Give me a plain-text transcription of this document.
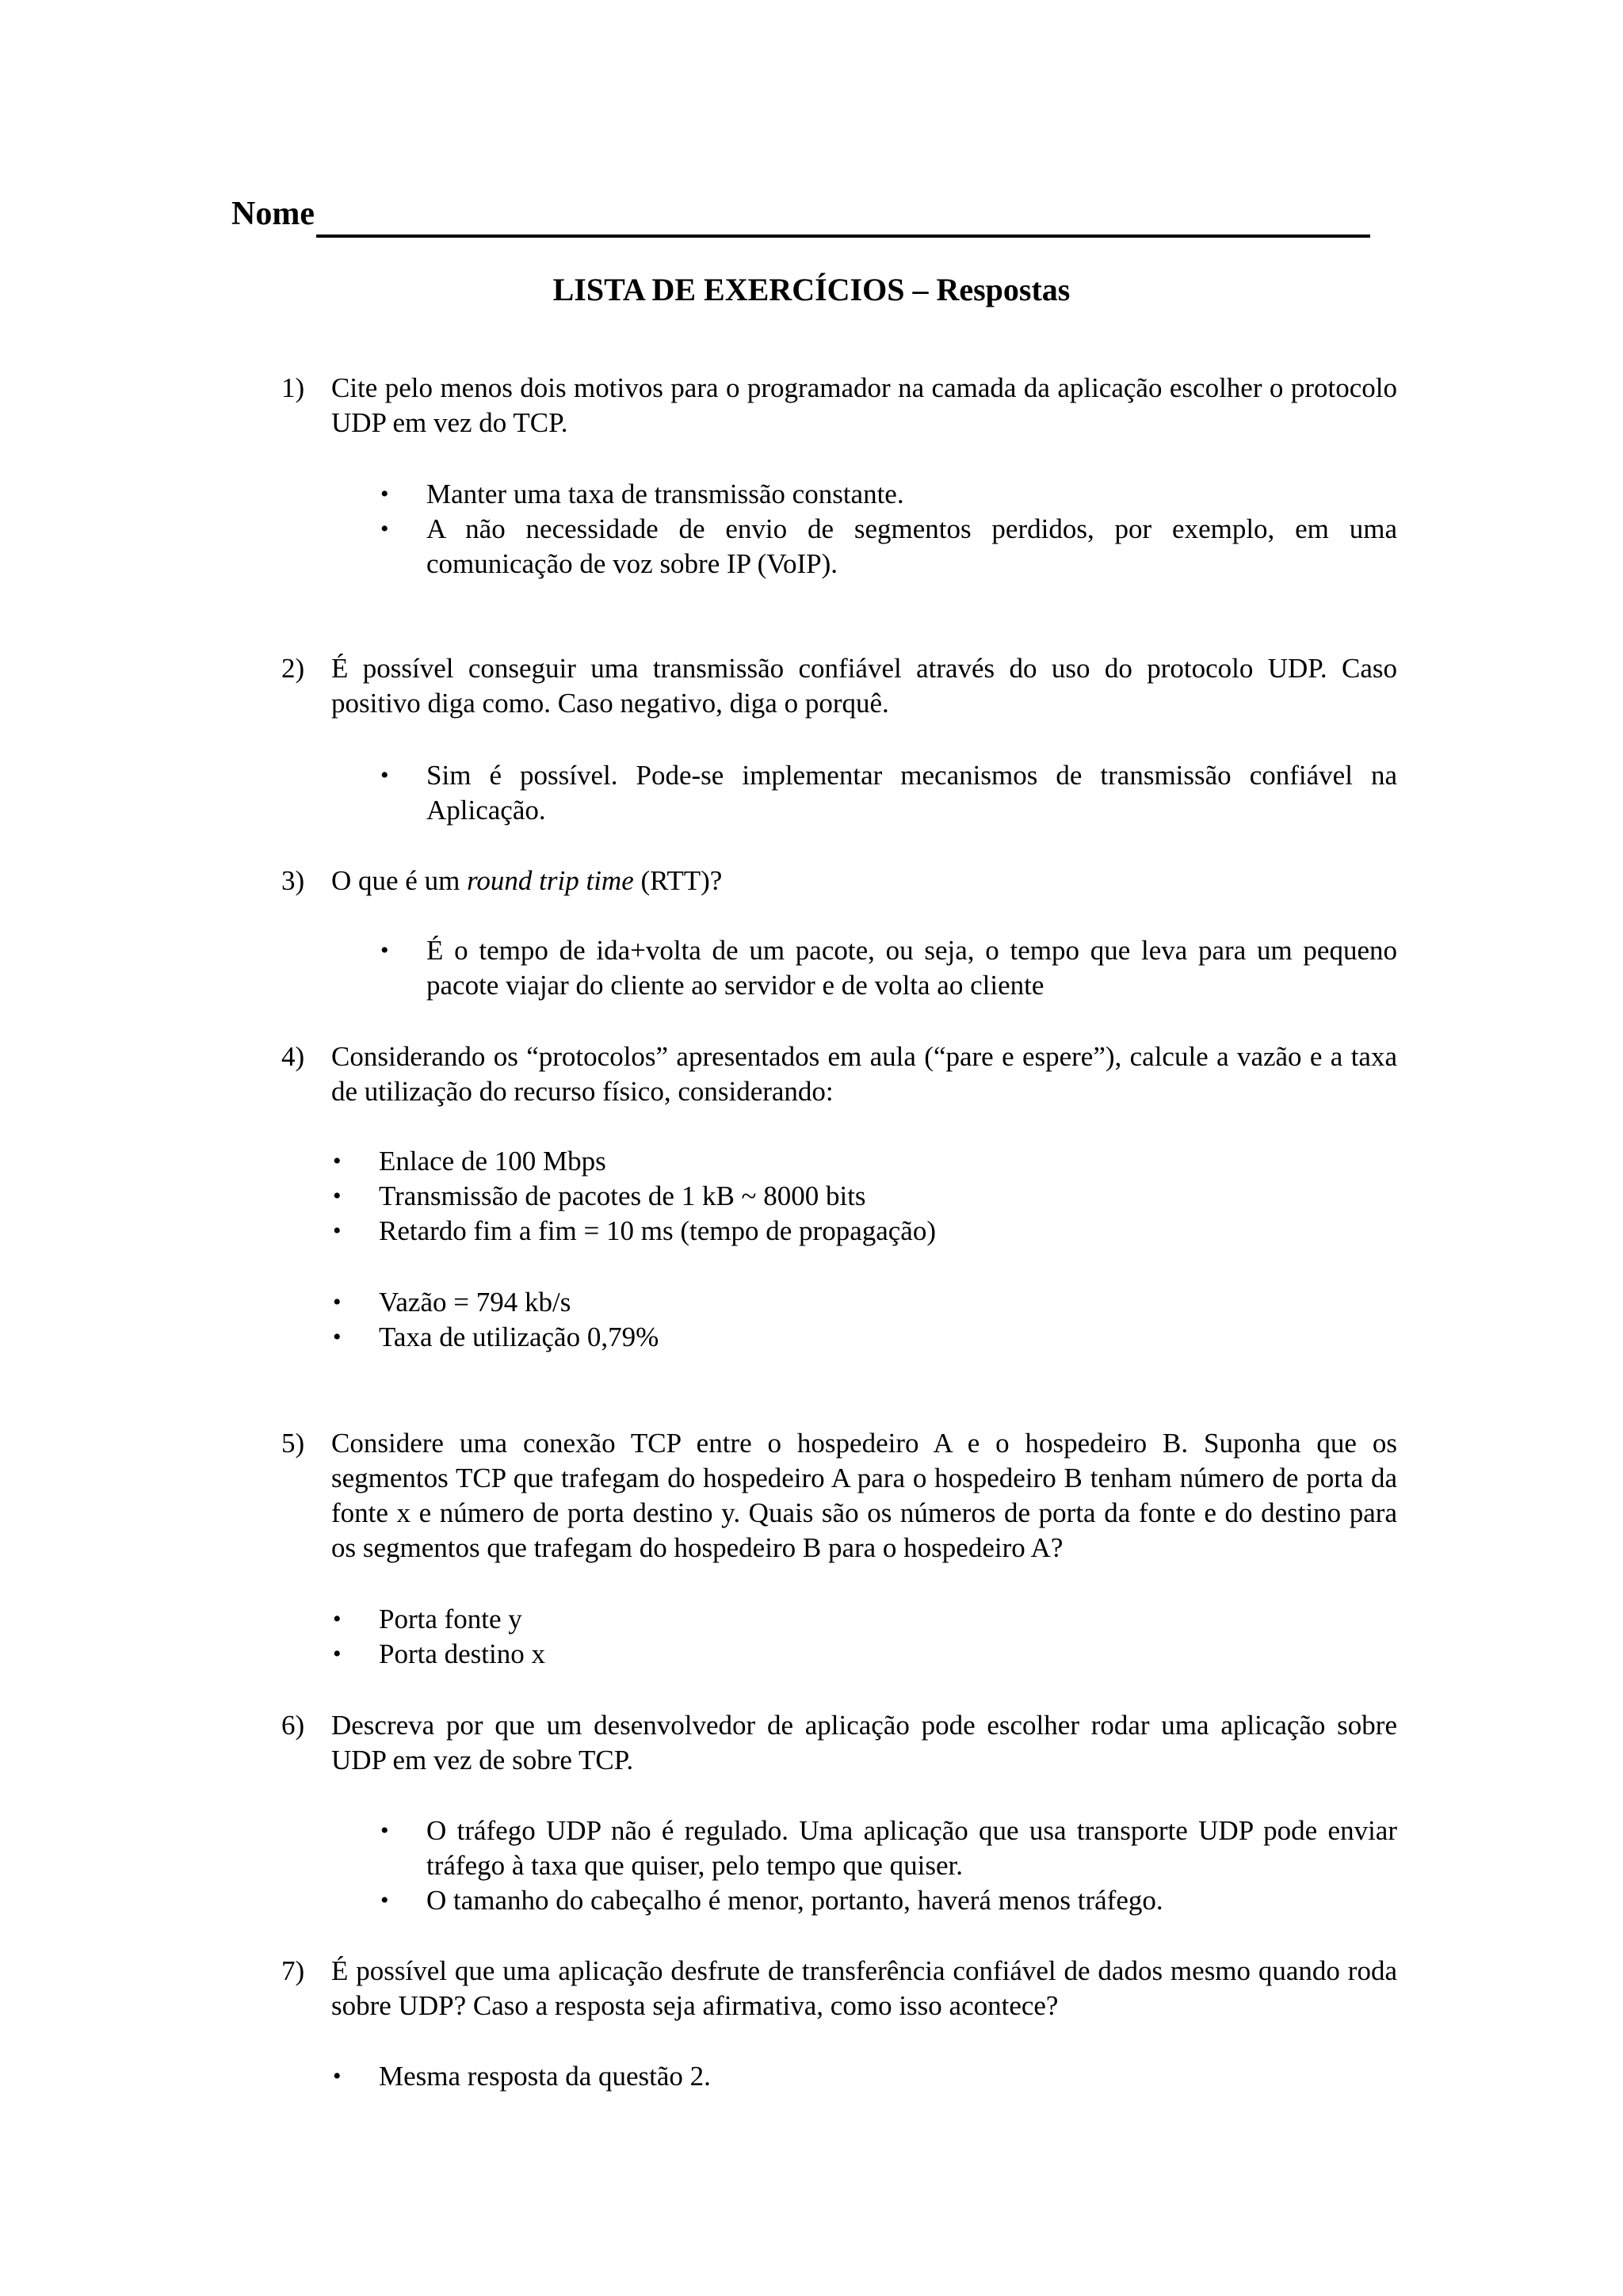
Nome
LISTA DE EXERCÍCIOS – Respostas
1) Cite pelo menos dois motivos para o programador na camada da aplicação escolher o protocolo UDP em vez do TCP.
• Manter uma taxa de transmissão constante.
• A não necessidade de envio de segmentos perdidos, por exemplo, em uma comunicação de voz sobre IP (VoIP).
2) É possível conseguir uma transmissão confiável através do uso do protocolo UDP. Caso positivo diga como. Caso negativo, diga o porquê.
• Sim é possível. Pode-se implementar mecanismos de transmissão confiável na Aplicação.
3) O que é um round trip time (RTT)?
• É o tempo de ida+volta de um pacote, ou seja, o tempo que leva para um pequeno pacote viajar do cliente ao servidor e de volta ao cliente
4) Considerando os “protocolos” apresentados em aula (“pare e espere”), calcule a vazão e a taxa de utilização do recurso físico, considerando:
• Enlace de 100 Mbps
• Transmissão de pacotes de 1 kB ~ 8000 bits
• Retardo fim a fim = 10 ms (tempo de propagação)
• Vazão = 794 kb/s
• Taxa de utilização 0,79%
5) Considere uma conexão TCP entre o hospedeiro A e o hospedeiro B. Suponha que os segmentos TCP que trafegam do hospedeiro A para o hospedeiro B tenham número de porta da fonte x e número de porta destino y. Quais são os números de porta da fonte e do destino para os segmentos que trafegam do hospedeiro B para o hospedeiro A?
• Porta fonte y
• Porta destino x
6) Descreva por que um desenvolvedor de aplicação pode escolher rodar uma aplicação sobre UDP em vez de sobre TCP.
• O tráfego UDP não é regulado. Uma aplicação que usa transporte UDP pode enviar tráfego à taxa que quiser, pelo tempo que quiser.
• O tamanho do cabeçalho é menor, portanto, haverá menos tráfego.
7) É possível que uma aplicação desfrute de transferência confiável de dados mesmo quando roda sobre UDP? Caso a resposta seja afirmativa, como isso acontece?
• Mesma resposta da questão 2.
